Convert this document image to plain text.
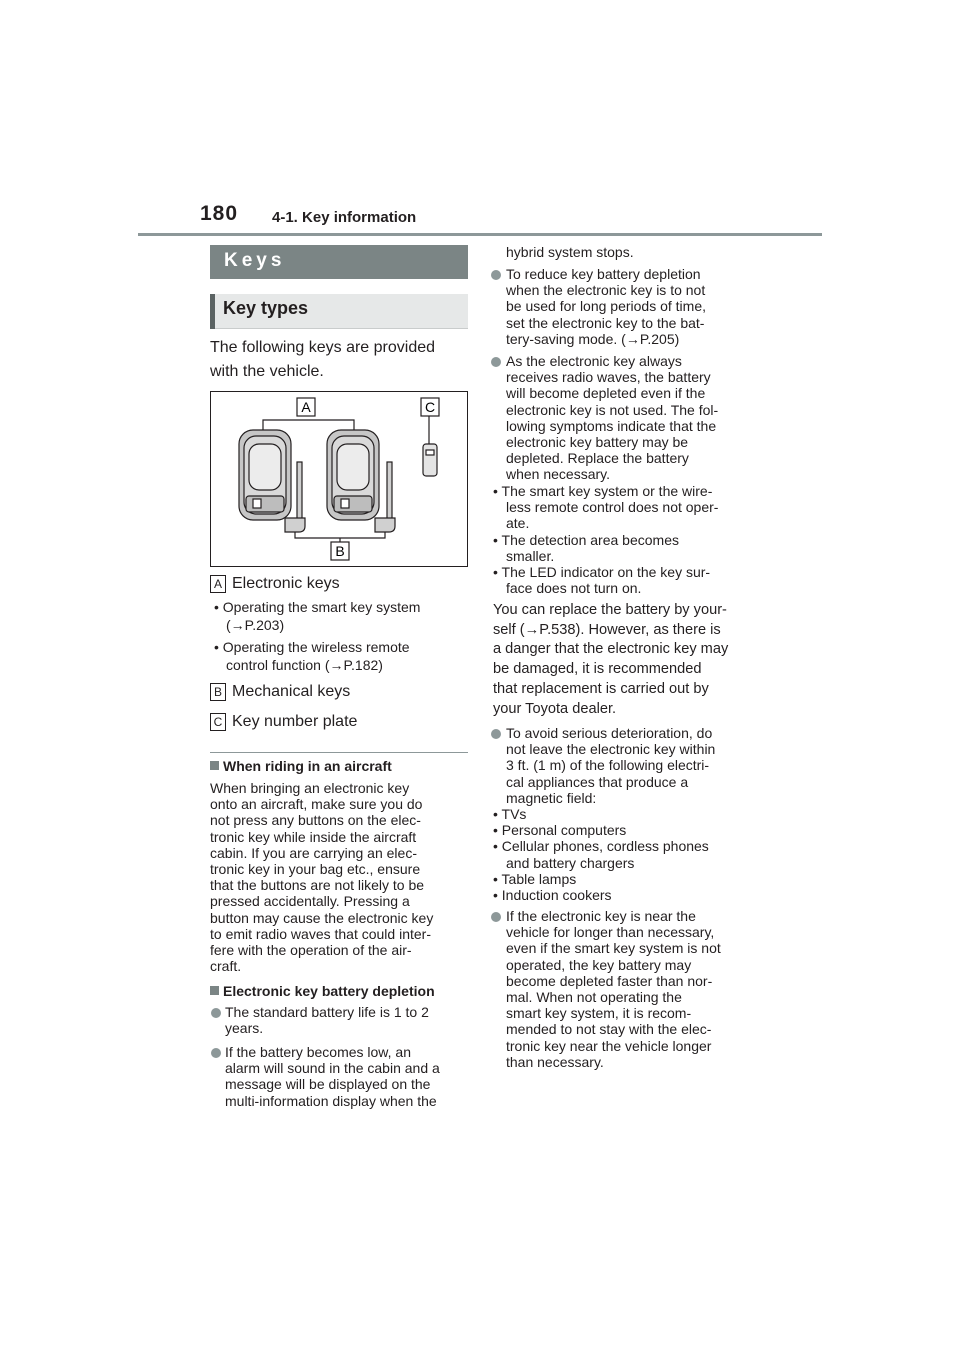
180 4-1. Key information
Keys
Key types
The following keys are provided
with the vehicle.
A	C
B
A Electronic keys
• Operating the smart key system
(→P.203)
• Operating the wireless remote
control function (→P.182)
B Mechanical keys
C Key number plate
When riding in an aircraft
When bringing an electronic key
onto an aircraft, make sure you do
not press any buttons on the elec-
tronic key while inside the aircraft
cabin. If you are carrying an elec-
tronic key in your bag etc., ensure
that the buttons are not likely to be
pressed accidentally. Pressing a
button may cause the electronic key
to emit radio waves that could inter-
fere with the operation of the air-
craft.
Electronic key battery depletion
The standard battery life is 1 to 2
years.
If the battery becomes low, an
alarm will sound in the cabin and a
message will be displayed on the
multi-information display when the
hybrid system stops.
To reduce key battery depletion
when the electronic key is to not
be used for long periods of time,
set the electronic key to the bat-
tery-saving mode. (→P.205)
As the electronic key always
receives radio waves, the battery
will become depleted even if the
electronic key is not used. The fol-
lowing symptoms indicate that the
electronic key battery may be
depleted. Replace the battery
when necessary.
• The smart key system or the wire-
less remote control does not oper-
ate.
• The detection area becomes
smaller.
• The LED indicator on the key sur-
face does not turn on.
You can replace the battery by your-
self (→P.538). However, as there is
a danger that the electronic key may
be damaged, it is recommended
that replacement is carried out by
your Toyota dealer.
To avoid serious deterioration, do
not leave the electronic key within
3 ft. (1 m) of the following electri-
cal appliances that produce a
magnetic field:
• TVs
• Personal computers
• Cellular phones, cordless phones
and battery chargers
• Table lamps
• Induction cookers
If the electronic key is near the
vehicle for longer than necessary,
even if the smart key system is not
operated, the key battery may
become depleted faster than nor-
mal. When not operating the
smart key system, it is recom-
mended to not stay with the elec-
tronic key near the vehicle longer
than necessary.
